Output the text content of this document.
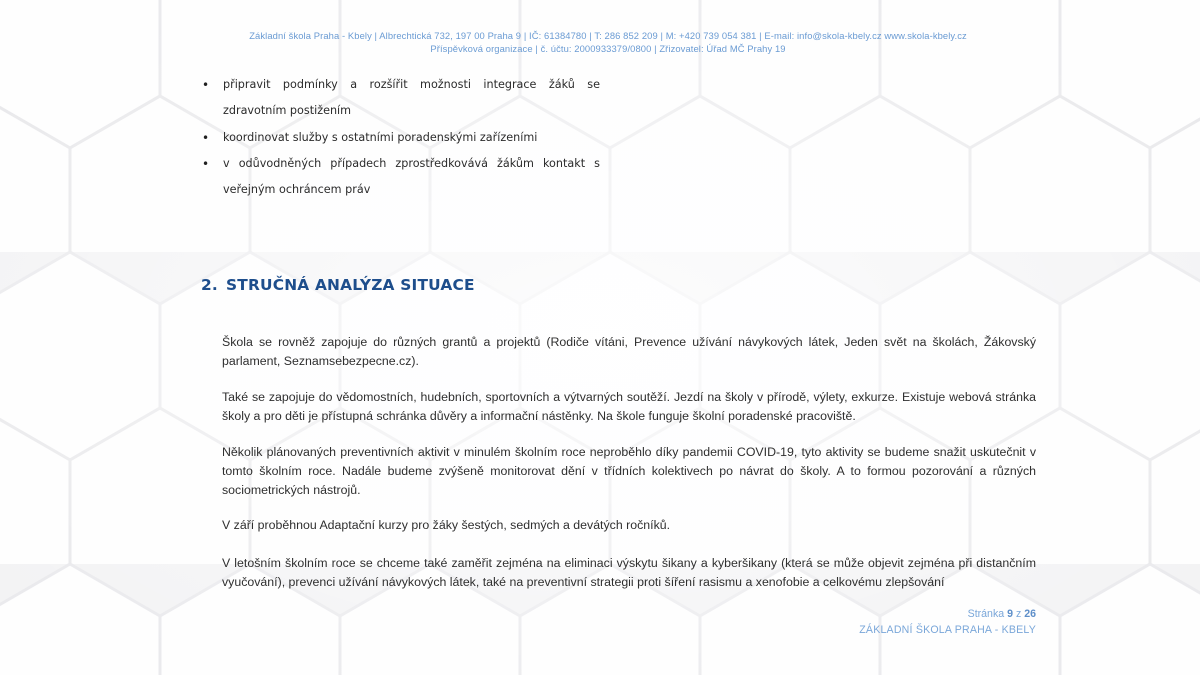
Základní škola Praha - Kbely | Albrechtická 732, 197 00 Praha 9 | IČ: 61384780 | T: 286 852 209 | M: +420 739 054 381 | E-mail: info@skola-kbely.cz www.skola-kbely.cz
Příspěvková organizace | č. účtu: 2000933379/0800 | Zřizovatel: Úřad MČ Prahy 19
• připravit podmínky a rozšířit možnosti integrace žáků se zdravotním postižením
• koordinovat služby s ostatními poradenskými zařízeními
• v odůvodněných případech zprostředkovává žákům kontakt s veřejným ochráncem práv
2. STRUČNÁ ANALÝZA SITUACE

Škola se rovněž zapojuje do různých grantů a projektů (Rodiče vítáni, Prevence užívání návykových látek, Jeden svět na školách, Žákovský parlament, Seznamsebezpecne.cz).

Také se zapojuje do vědomostních, hudebních, sportovních a výtvarných soutěží. Jezdí na školy v přírodě, výlety, exkurze. Existuje webová stránka školy a pro děti je přístupná schránka důvěry a informační nástěnky. Na škole funguje školní poradenské pracoviště.

Několik plánovaných preventivních aktivit v minulém školním roce neproběhlo díky pandemii COVID-19, tyto aktivity se budeme snažit uskutečnit v tomto školním roce. Nadále budeme zvýšeně monitorovat dění v třídních kolektivech po návrat do školy. A to formou pozorování a různých sociometrických nástrojů.

V září proběhnou Adaptační kurzy pro žáky šestých, sedmých a devátých ročníků.

V letošním školním roce se chceme také zaměřit zejména na eliminaci výskytu šikany a kyberšikany (která se může objevit zejména při distančním vyučování), prevenci užívání návykových látek, také na preventivní strategii proti šíření rasismu a xenofobie a celkovému zlepšování

Stránka 9 z 26
ZÁKLADNÍ ŠKOLA PRAHA - KBELY
